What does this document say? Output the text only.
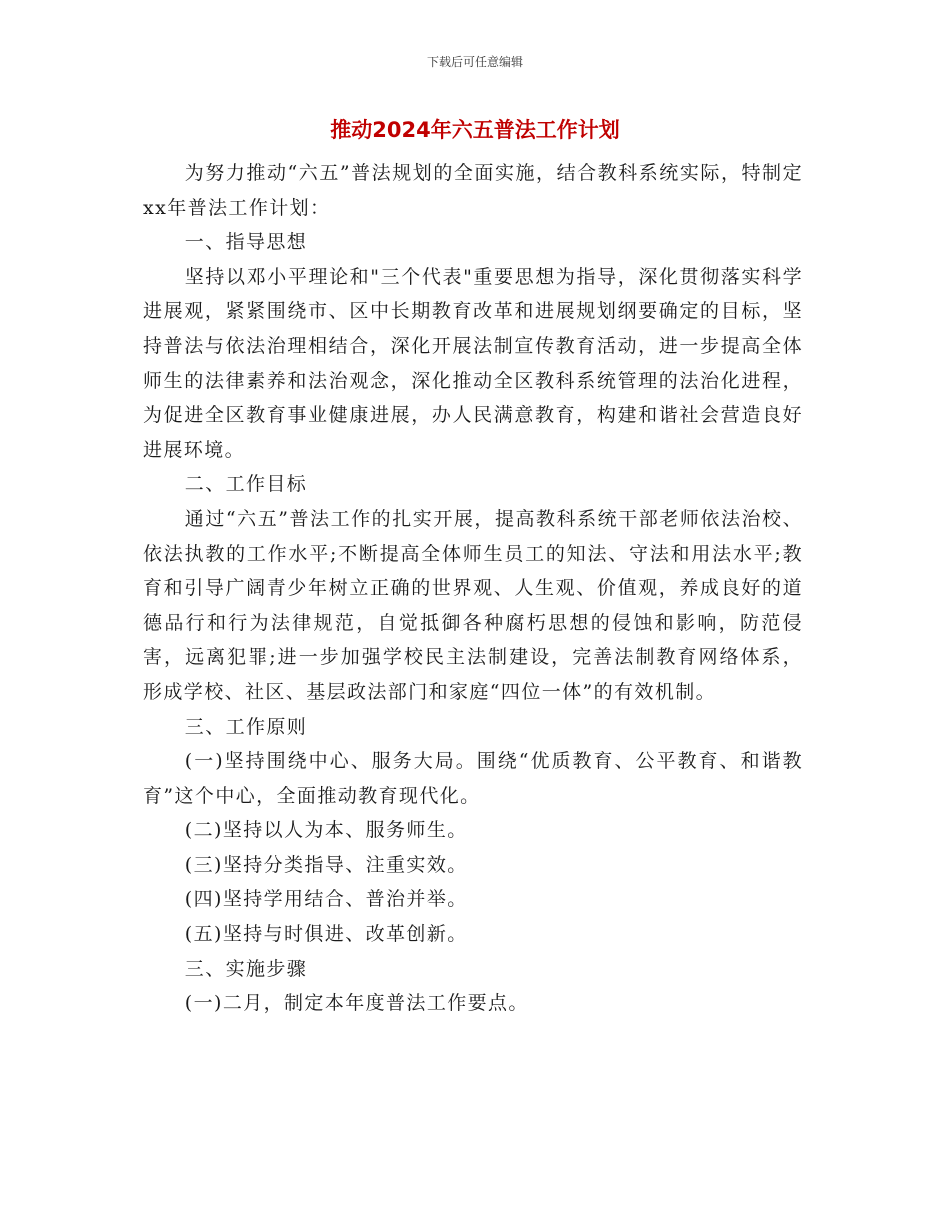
下载后可任意编辑
推动2024年六五普法工作计划

为努力推动“六五”普法规划的全面实施，结合教科系统实际，特制定xx年普法工作计划：

一、指导思想

坚持以邓小平理论和"三个代表"重要思想为指导，深化贯彻落实科学进展观，紧紧围绕市、区中长期教育改革和进展规划纲要确定的目标，坚持普法与依法治理相结合，深化开展法制宣传教育活动，进一步提高全体师生的法律素养和法治观念，深化推动全区教科系统管理的法治化进程，为促进全区教育事业健康进展，办人民满意教育，构建和谐社会营造良好进展环境。

二、工作目标

通过“六五”普法工作的扎实开展，提高教科系统干部老师依法治校、依法执教的工作水平;不断提高全体师生员工的知法、守法和用法水平;教育和引导广阔青少年树立正确的世界观、人生观、价值观，养成良好的道德品行和行为法律规范，自觉抵御各种腐朽思想的侵蚀和影响，防范侵害，远离犯罪;进一步加强学校民主法制建设，完善法制教育网络体系，形成学校、社区、基层政法部门和家庭“四位一体”的有效机制。

三、工作原则

(一)坚持围绕中心、服务大局。围绕“优质教育、公平教育、和谐教育”这个中心，全面推动教育现代化。

(二)坚持以人为本、服务师生。

(三)坚持分类指导、注重实效。

(四)坚持学用结合、普治并举。

(五)坚持与时俱进、改革创新。

三、实施步骤

(一)二月，制定本年度普法工作要点。
